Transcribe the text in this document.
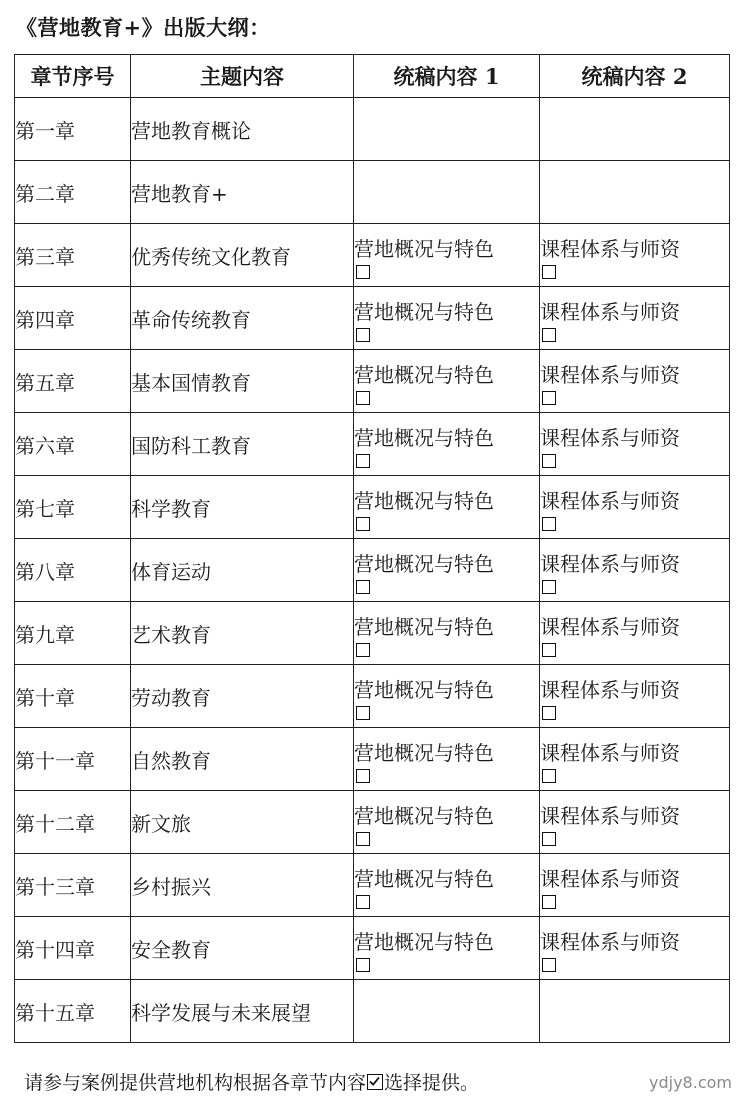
《营地教育+》出版大纲：
章节序号	主题内容	统稿内容 1	统稿内容 2
第一章	营地教育概论		
第二章	营地教育+		
第三章	优秀传统文化教育	营地概况与特色	课程体系与师资

第四章	革命传统教育	营地概况与特色	课程体系与师资

第五章	基本国情教育	营地概况与特色	课程体系与师资

第六章	国防科工教育	营地概况与特色	课程体系与师资

第七章	科学教育	营地概况与特色	课程体系与师资

第八章	体育运动	营地概况与特色	课程体系与师资

第九章	艺术教育	营地概况与特色	课程体系与师资

第十章	劳动教育	营地概况与特色	课程体系与师资

第十一章	自然教育	营地概况与特色	课程体系与师资

第十二章	新文旅	营地概况与特色	课程体系与师资

第十三章	乡村振兴	营地概况与特色	课程体系与师资

第十四章	安全教育	营地概况与特色	课程体系与师资

第十五章	科学发展与未来展望		
请参与案例提供营地机构根据各章节内容 选择提供。	ydjy8.com
